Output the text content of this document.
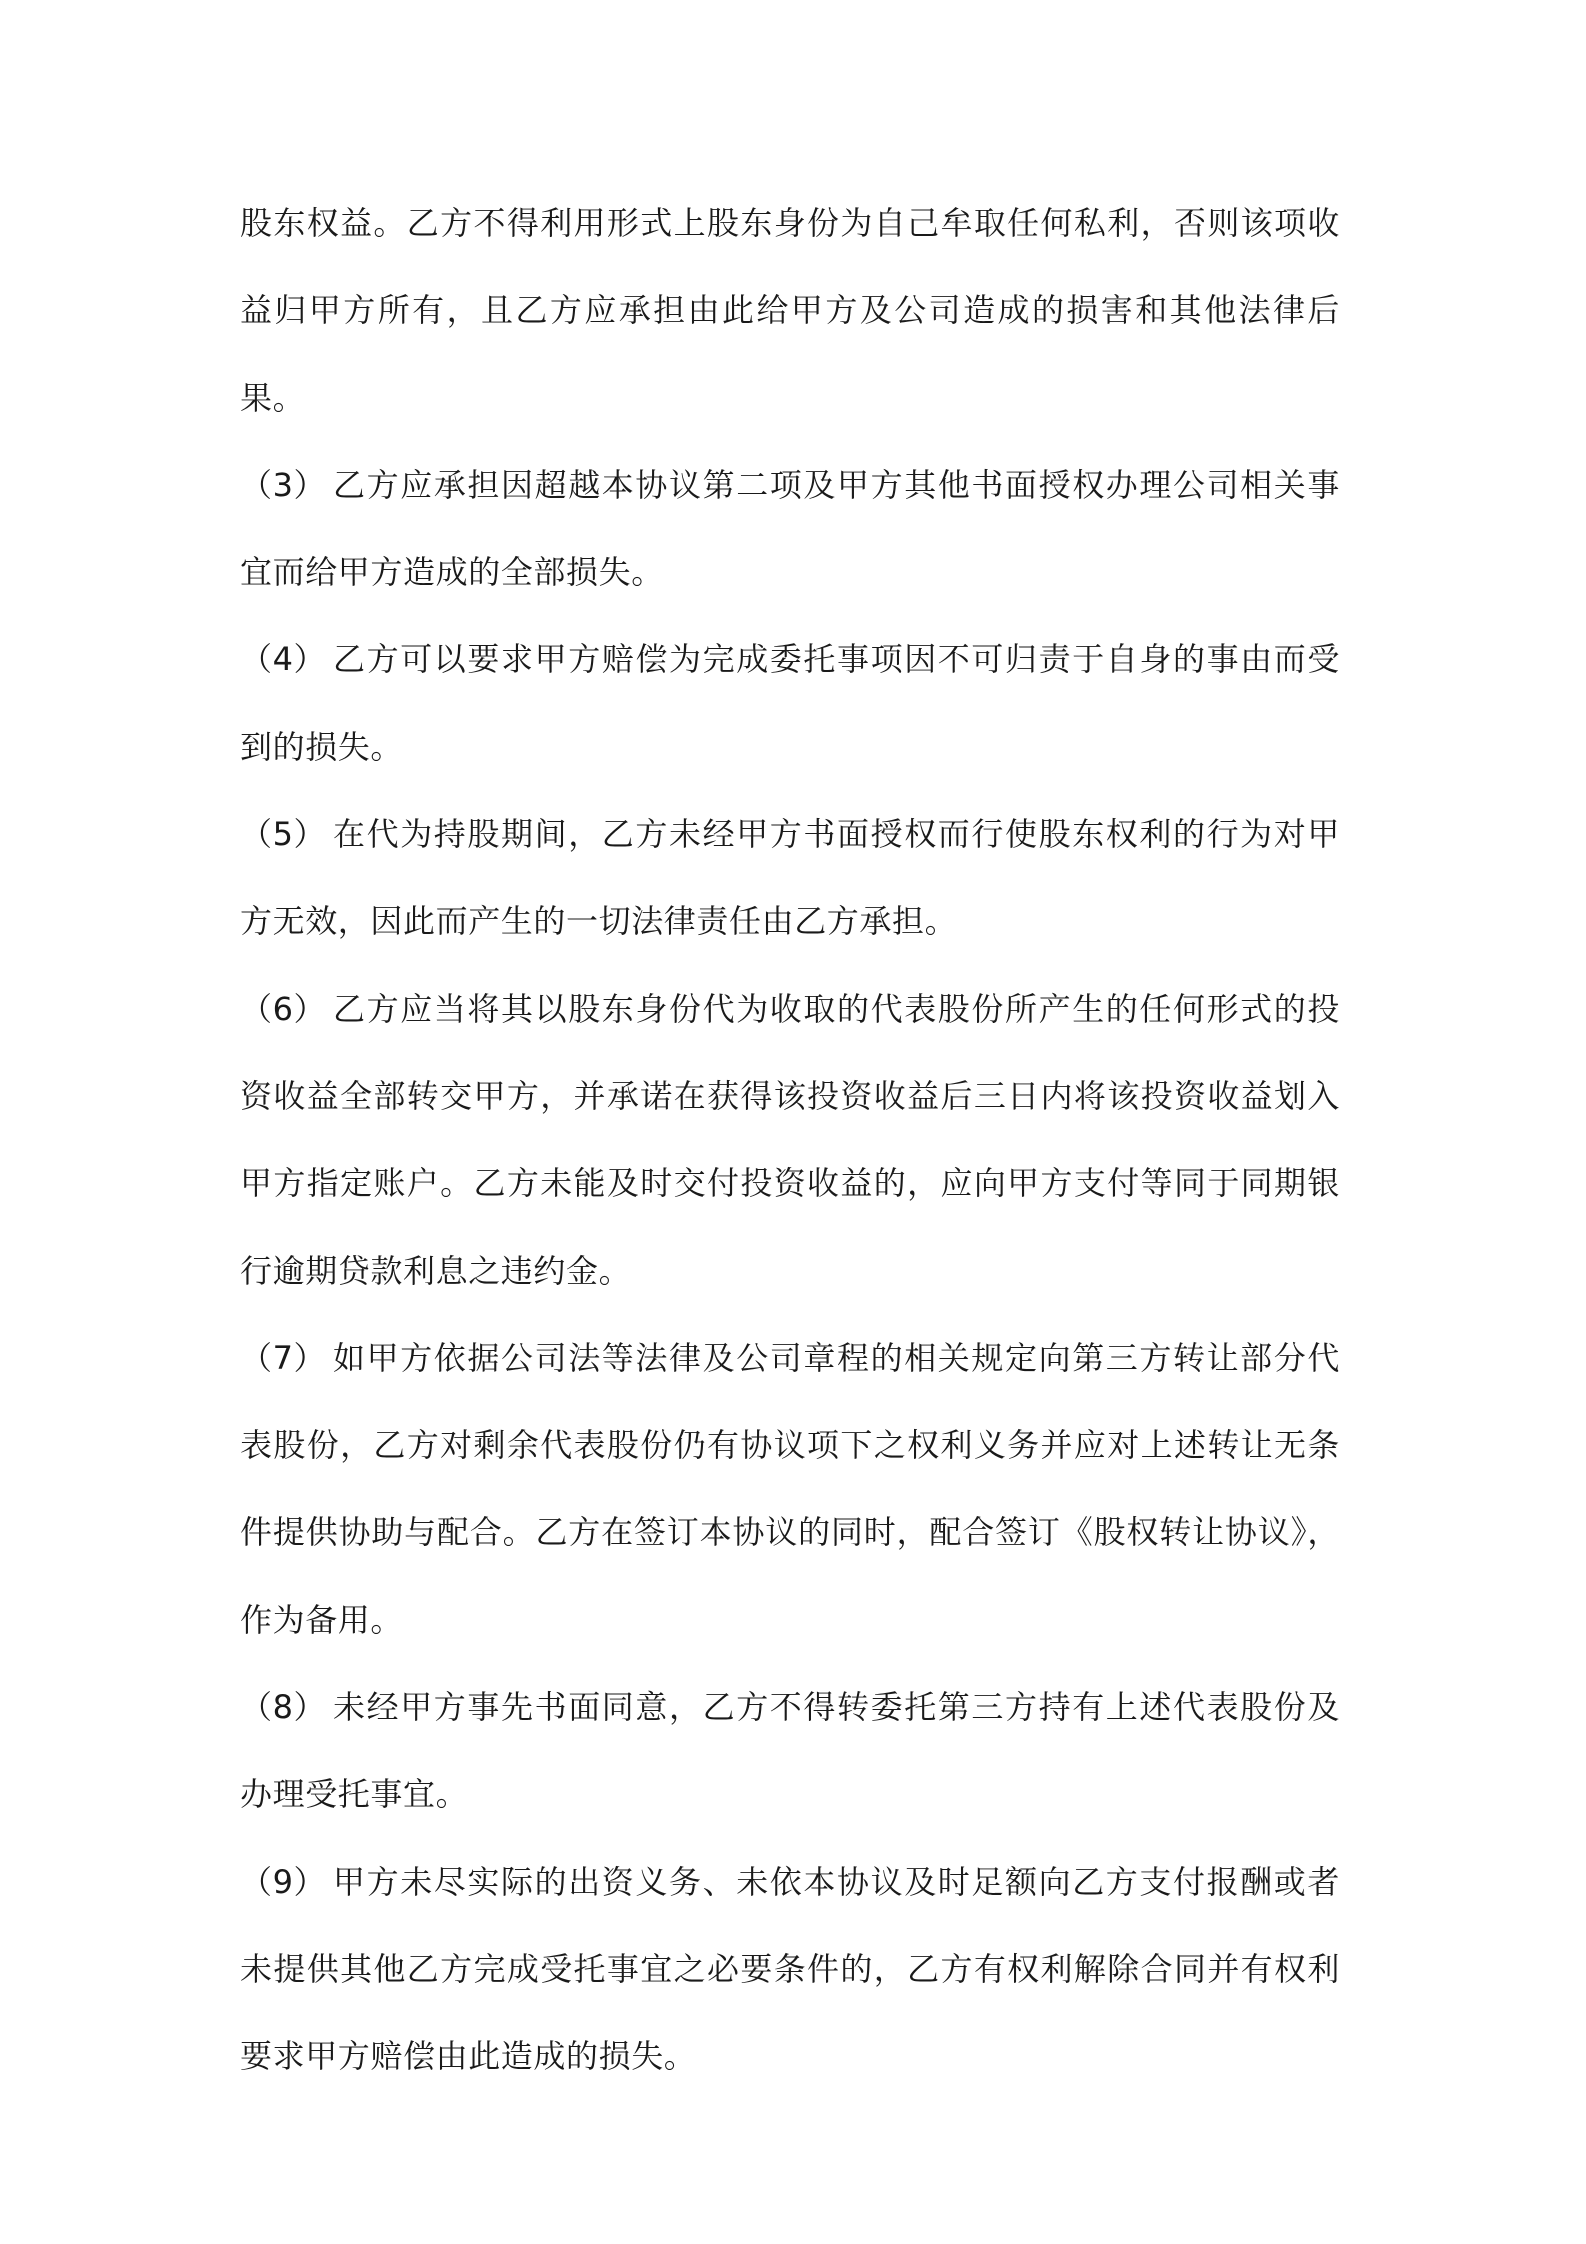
股东权益。乙方不得利用形式上股东身份为自己牟取任何私利，否则该项收益归甲方所有，且乙方应承担由此给甲方及公司造成的损害和其他法律后果。

（3） 乙方应承担因超越本协议第二项及甲方其他书面授权办理公司相关事宜而给甲方造成的全部损失。

（4） 乙方可以要求甲方赔偿为完成委托事项因不可归责于自身的事由而受到的损失。

（5） 在代为持股期间，乙方未经甲方书面授权而行使股东权利的行为对甲方无效，因此而产生的一切法律责任由乙方承担。

（6） 乙方应当将其以股东身份代为收取的代表股份所产生的任何形式的投资收益全部转交甲方，并承诺在获得该投资收益后三日内将该投资收益划入甲方指定账户。乙方未能及时交付投资收益的，应向甲方支付等同于同期银行逾期贷款利息之违约金。

（7） 如甲方依据公司法等法律及公司章程的相关规定向第三方转让部分代表股份，乙方对剩余代表股份仍有协议项下之权利义务并应对上述转让无条件提供协助与配合。乙方在签订本协议的同时，配合签订《股权转让协议》，作为备用。

（8） 未经甲方事先书面同意，乙方不得转委托第三方持有上述代表股份及办理受托事宜。

（9） 甲方未尽实际的出资义务、未依本协议及时足额向乙方支付报酬或者未提供其他乙方完成受托事宜之必要条件的，乙方有权利解除合同并有权利要求甲方赔偿由此造成的损失。
